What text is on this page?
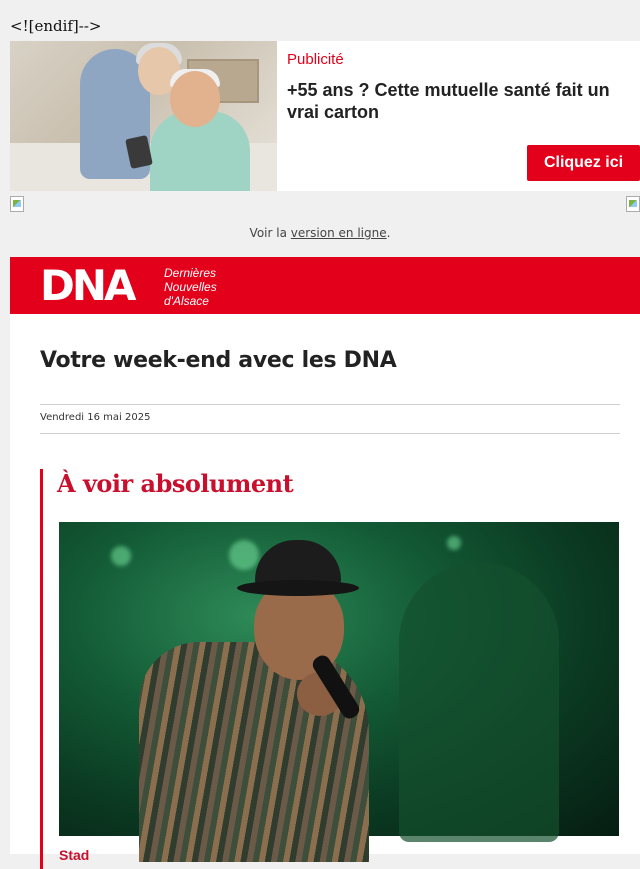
<![endif]-->
Publicité
+55 ans ? Cette mutuelle santé fait un vrai carton
Cliquez ici
Voir la version en ligne.
DNA	Dernières
Nouvelles
d'Alsace
Votre week-end avec les DNA
Vendredi 16 mai 2025
À voir absolument
Stad
